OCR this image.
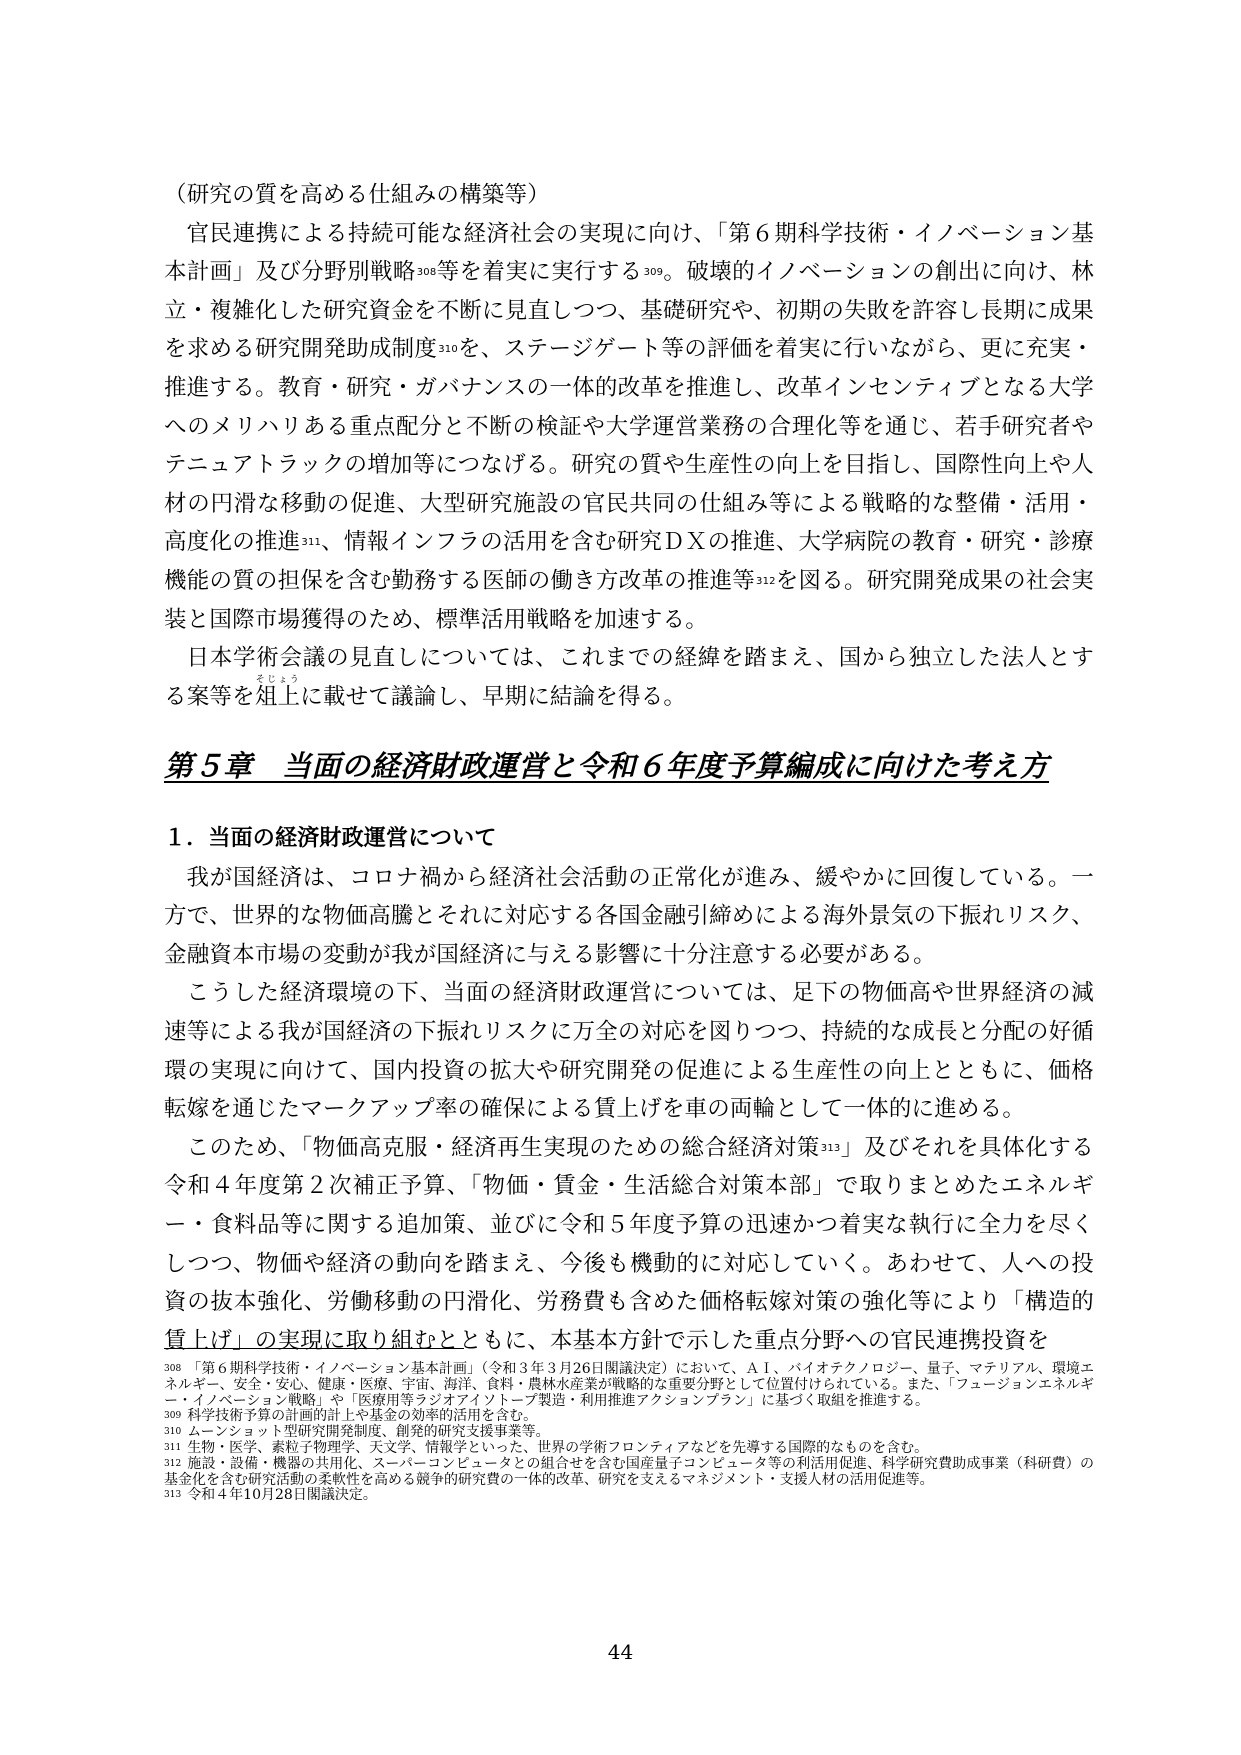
（研究の質を高める仕組みの構築等）

官民連携による持続可能な経済社会の実現に向け、「第６期科学技術・イノベーション基本計画」及び分野別戦略$^{308}$等を着実に実行する$^{309}$。破壊的イノベーションの創出に向け、林立・複雑化した研究資金を不断に見直しつつ、基礎研究や、初期の失敗を許容し長期に成果を求める研究開発助成制度$^{310}$を、ステージゲート等の評価を着実に行いながら、更に充実・推進する。教育・研究・ガバナンスの一体的改革を推進し、改革インセンティブとなる大学へのメリハリある重点配分と不断の検証や大学運営業務の合理化等を通じ、若手研究者やテニュアトラックの増加等につなげる。研究の質や生産性の向上を目指し、国際性向上や人材の円滑な移動の促進、大型研究施設の官民共同の仕組み等による戦略的な整備・活用・高度化の推進$^{311}$、情報インフラの活用を含む研究ＤＸの推進、大学病院の教育・研究・診療機能の質の担保を含む勤務する医師の働き方改革の推進等$^{312}$を図る。研究開発成果の社会実装と国際市場獲得のため、標準活用戦略を加速する。

日本学術会議の見直しについては、これまでの経緯を踏まえ、国から独立した法人とする案等を俎上そじょうに載せて議論し、早期に結論を得る。

第５章　当面の経済財政運営と令和６年度予算編成に向けた考え方

１．当面の経済財政運営について

我が国経済は、コロナ禍から経済社会活動の正常化が進み、緩やかに回復している。一方で、世界的な物価高騰とそれに対応する各国金融引締めによる海外景気の下振れリスク、金融資本市場の変動が我が国経済に与える影響に十分注意する必要がある。

こうした経済環境の下、当面の経済財政運営については、足下の物価高や世界経済の減速等による我が国経済の下振れリスクに万全の対応を図りつつ、持続的な成長と分配の好循環の実現に向けて、国内投資の拡大や研究開発の促進による生産性の向上とともに、価格転嫁を通じたマークアップ率の確保による賃上げを車の両輪として一体的に進める。

このため、「物価高克服・経済再生実現のための総合経済対策$^{313}$」及びそれを具体化する令和４年度第２次補正予算、「物価・賃金・生活総合対策本部」で取りまとめたエネルギー・食料品等に関する追加策、並びに令和５年度予算の迅速かつ着実な執行に全力を尽くしつつ、物価や経済の動向を踏まえ、今後も機動的に対応していく。あわせて、人への投資の抜本強化、労働移動の円滑化、労務費も含めた価格転嫁対策の強化等により「構造的賃上げ」の実現に取り組むとともに、本基本方針で示した重点分野への官民連携投資を

$^{308}$ 「第６期科学技術・イノベーション基本計画」（令和３年３月26日閣議決定）において、ＡＩ、バイオテクノロジー、量子、マテリアル、環境エネルギー、安全・安心、健康・医療、宇宙、海洋、食料・農林水産業が戦略的な重要分野として位置付けられている。また、「フュージョンエネルギー・イノベーション戦略」や「医療用等ラジオアイソトープ製造・利用推進アクションプラン」に基づく取組を推進する。

$^{309}$ 科学技術予算の計画的計上や基金の効率的活用を含む。

$^{310}$ ムーンショット型研究開発制度、創発的研究支援事業等。

$^{311}$ 生物・医学、素粒子物理学、天文学、情報学といった、世界の学術フロンティアなどを先導する国際的なものを含む。

$^{312}$ 施設・設備・機器の共用化、スーパーコンピュータとの組合せを含む国産量子コンピュータ等の利活用促進、科学研究費助成事業（科研費）の基金化を含む研究活動の柔軟性を高める競争的研究費の一体的改革、研究を支えるマネジメント・支援人材の活用促進等。

$^{313}$ 令和４年10月28日閣議決定。

44
